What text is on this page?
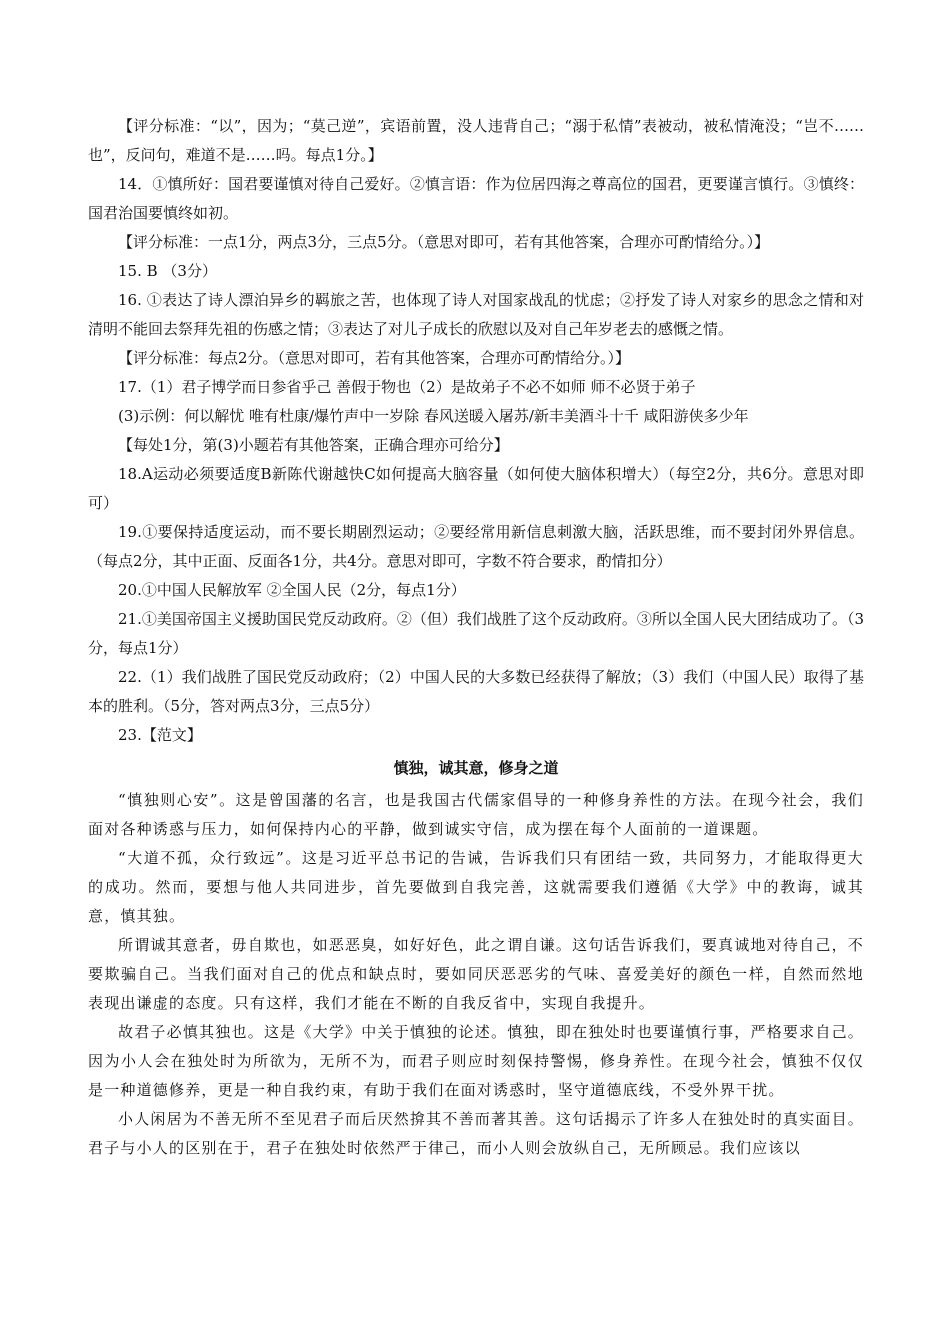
【评分标准：“以”，因为；“莫己逆”，宾语前置，没人违背自己；“溺于私情”表被动，被私情淹没；“岂不……也”，反问句，难道不是……吗。每点1分。】

14．①慎所好：国君要谨慎对待自己爱好。②慎言语：作为位居四海之尊高位的国君，更要谨言慎行。③慎终：国君治国要慎终如初。

【评分标准：一点1分，两点3分，三点5分。（意思对即可，若有其他答案，合理亦可酌情给分。）】

15. B （3分）

16. ①表达了诗人漂泊异乡的羁旅之苦，也体现了诗人对国家战乱的忧虑；②抒发了诗人对家乡的思念之情和对清明不能回去祭拜先祖的伤感之情；③表达了对儿子成长的欣慰以及对自己年岁老去的感慨之情。

【评分标准：每点2分。（意思对即可，若有其他答案，合理亦可酌情给分。）】

17.（1）君子博学而日参省乎己 善假于物也（2）是故弟子不必不如师 师不必贤于弟子

(3)示例：何以解忧 唯有杜康/爆竹声中一岁除 春风送暖入屠苏/新丰美酒斗十千 咸阳游侠多少年

【每处1分，第(3)小题若有其他答案，正确合理亦可给分】

18.A运动必须要适度B新陈代谢越快C如何提高大脑容量（如何使大脑体积增大）（每空2分，共6分。意思对即可）

19.①要保持适度运动，而不要长期剧烈运动；②要经常用新信息刺激大脑，活跃思维，而不要封闭外界信息。（每点2分，其中正面、反面各1分，共4分。意思对即可，字数不符合要求，酌情扣分）

20.①中国人民解放军 ②全国人民（2分，每点1分）

21.①美国帝国主义援助国民党反动政府。②（但）我们战胜了这个反动政府。③所以全国人民大团结成功了。（3分，每点1分）

22.（1）我们战胜了国民党反动政府；（2）中国人民的大多数已经获得了解放；（3）我们（中国人民）取得了基本的胜利。（5分，答对两点3分，三点5分）

23.【范文】

慎独，诚其意，修身之道

“慎独则心安”。这是曾国藩的名言，也是我国古代儒家倡导的一种修身养性的方法。在现今社会，我们面对各种诱惑与压力，如何保持内心的平静，做到诚实守信，成为摆在每个人面前的一道课题。

“大道不孤，众行致远”。这是习近平总书记的告诫，告诉我们只有团结一致，共同努力，才能取得更大的成功。然而，要想与他人共同进步，首先要做到自我完善，这就需要我们遵循《大学》中的教诲，诚其意，慎其独。

所谓诚其意者，毋自欺也，如恶恶臭，如好好色，此之谓自谦。这句话告诉我们，要真诚地对待自己，不要欺骗自己。当我们面对自己的优点和缺点时，要如同厌恶恶劣的气味、喜爱美好的颜色一样，自然而然地表现出谦虚的态度。只有这样，我们才能在不断的自我反省中，实现自我提升。

故君子必慎其独也。这是《大学》中关于慎独的论述。慎独，即在独处时也要谨慎行事，严格要求自己。因为小人会在独处时为所欲为，无所不为，而君子则应时刻保持警惕，修身养性。在现今社会，慎独不仅仅是一种道德修养，更是一种自我约束，有助于我们在面对诱惑时，坚守道德底线，不受外界干扰。

小人闲居为不善无所不至见君子而后厌然揜其不善而著其善。这句话揭示了许多人在独处时的真实面目。君子与小人的区别在于，君子在独处时依然严于律己，而小人则会放纵自己，无所顾忌。我们应该以
